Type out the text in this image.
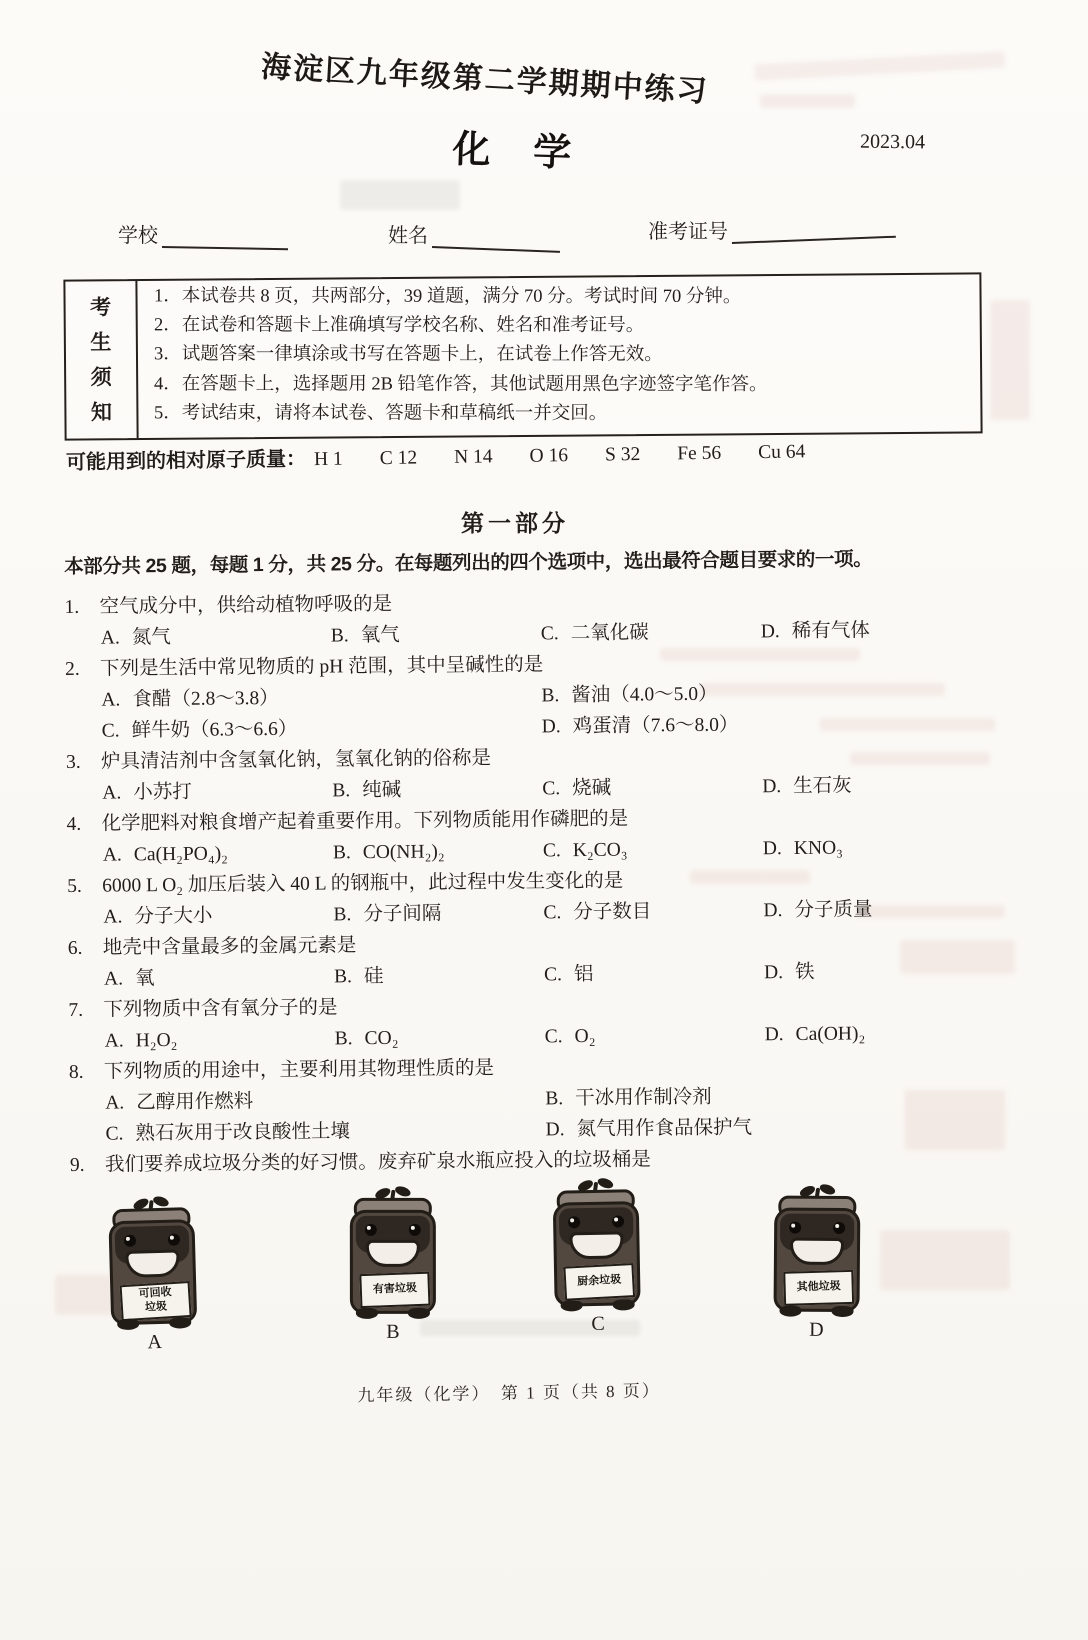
海淀区九年级第二学期期中练习
化 学	2023.04
学校	姓名	准考证号
考生须知
1．本试卷共 8 页，共两部分，39 道题，满分 70 分。考试时间 70 分钟。
2．在试卷和答题卡上准确填写学校名称、姓名和准考证号。
3．试题答案一律填涂或书写在答题卡上，在试卷上作答无效。
4．在答题卡上，选择题用 2B 铅笔作答，其他试题用黑色字迹签字笔作答。
5．考试结束，请将本试卷、答题卡和草稿纸一并交回。
可能用到的相对原子质量： H 1 C 12 N 14 O 16 S 32 Fe 56 Cu 64
第一部分
本部分共 25 题，每题 1 分，共 25 分。在每题列出的四个选项中，选出最符合题目要求的一项。
1. 空气成分中，供给动植物呼吸的是
A. 氮气	B. 氧气	C. 二氧化碳	D. 稀有气体
2. 下列是生活中常见物质的 pH 范围，其中呈碱性的是
A. 食醋（2.8～3.8）	B. 酱油（4.0～5.0）
C. 鲜牛奶（6.3～6.6）	D. 鸡蛋清（7.6～8.0）
3. 炉具清洁剂中含氢氧化钠，氢氧化钠的俗称是
A. 小苏打	B. 纯碱	C. 烧碱	D. 生石灰
4. 化学肥料对粮食增产起着重要作用。下列物质能用作磷肥的是
A. Ca(H₂PO₄)₂	B. CO(NH₂)₂	C. K₂CO₃	D. KNO₃
5. 6000 L O₂ 加压后装入 40 L 的钢瓶中，此过程中发生变化的是
A. 分子大小	B. 分子间隔	C. 分子数目	D. 分子质量
6. 地壳中含量最多的金属元素是
A. 氧	B. 硅	C. 铝	D. 铁
7. 下列物质中含有氧分子的是
A. H₂O₂	B. CO₂	C. O₂	D. Ca(OH)₂
8. 下列物质的用途中，主要利用其物理性质的是
A. 乙醇用作燃料	B. 干冰用作制冷剂
C. 熟石灰用于改良酸性土壤	D. 氮气用作食品保护气
9. 我们要养成垃圾分类的好习惯。废弃矿泉水瓶应投入的垃圾桶是
可回收
垃圾
A
有害垃圾
B
厨余垃圾
C
其他垃圾
D
九年级（化学）　第 1 页（共 8 页）
